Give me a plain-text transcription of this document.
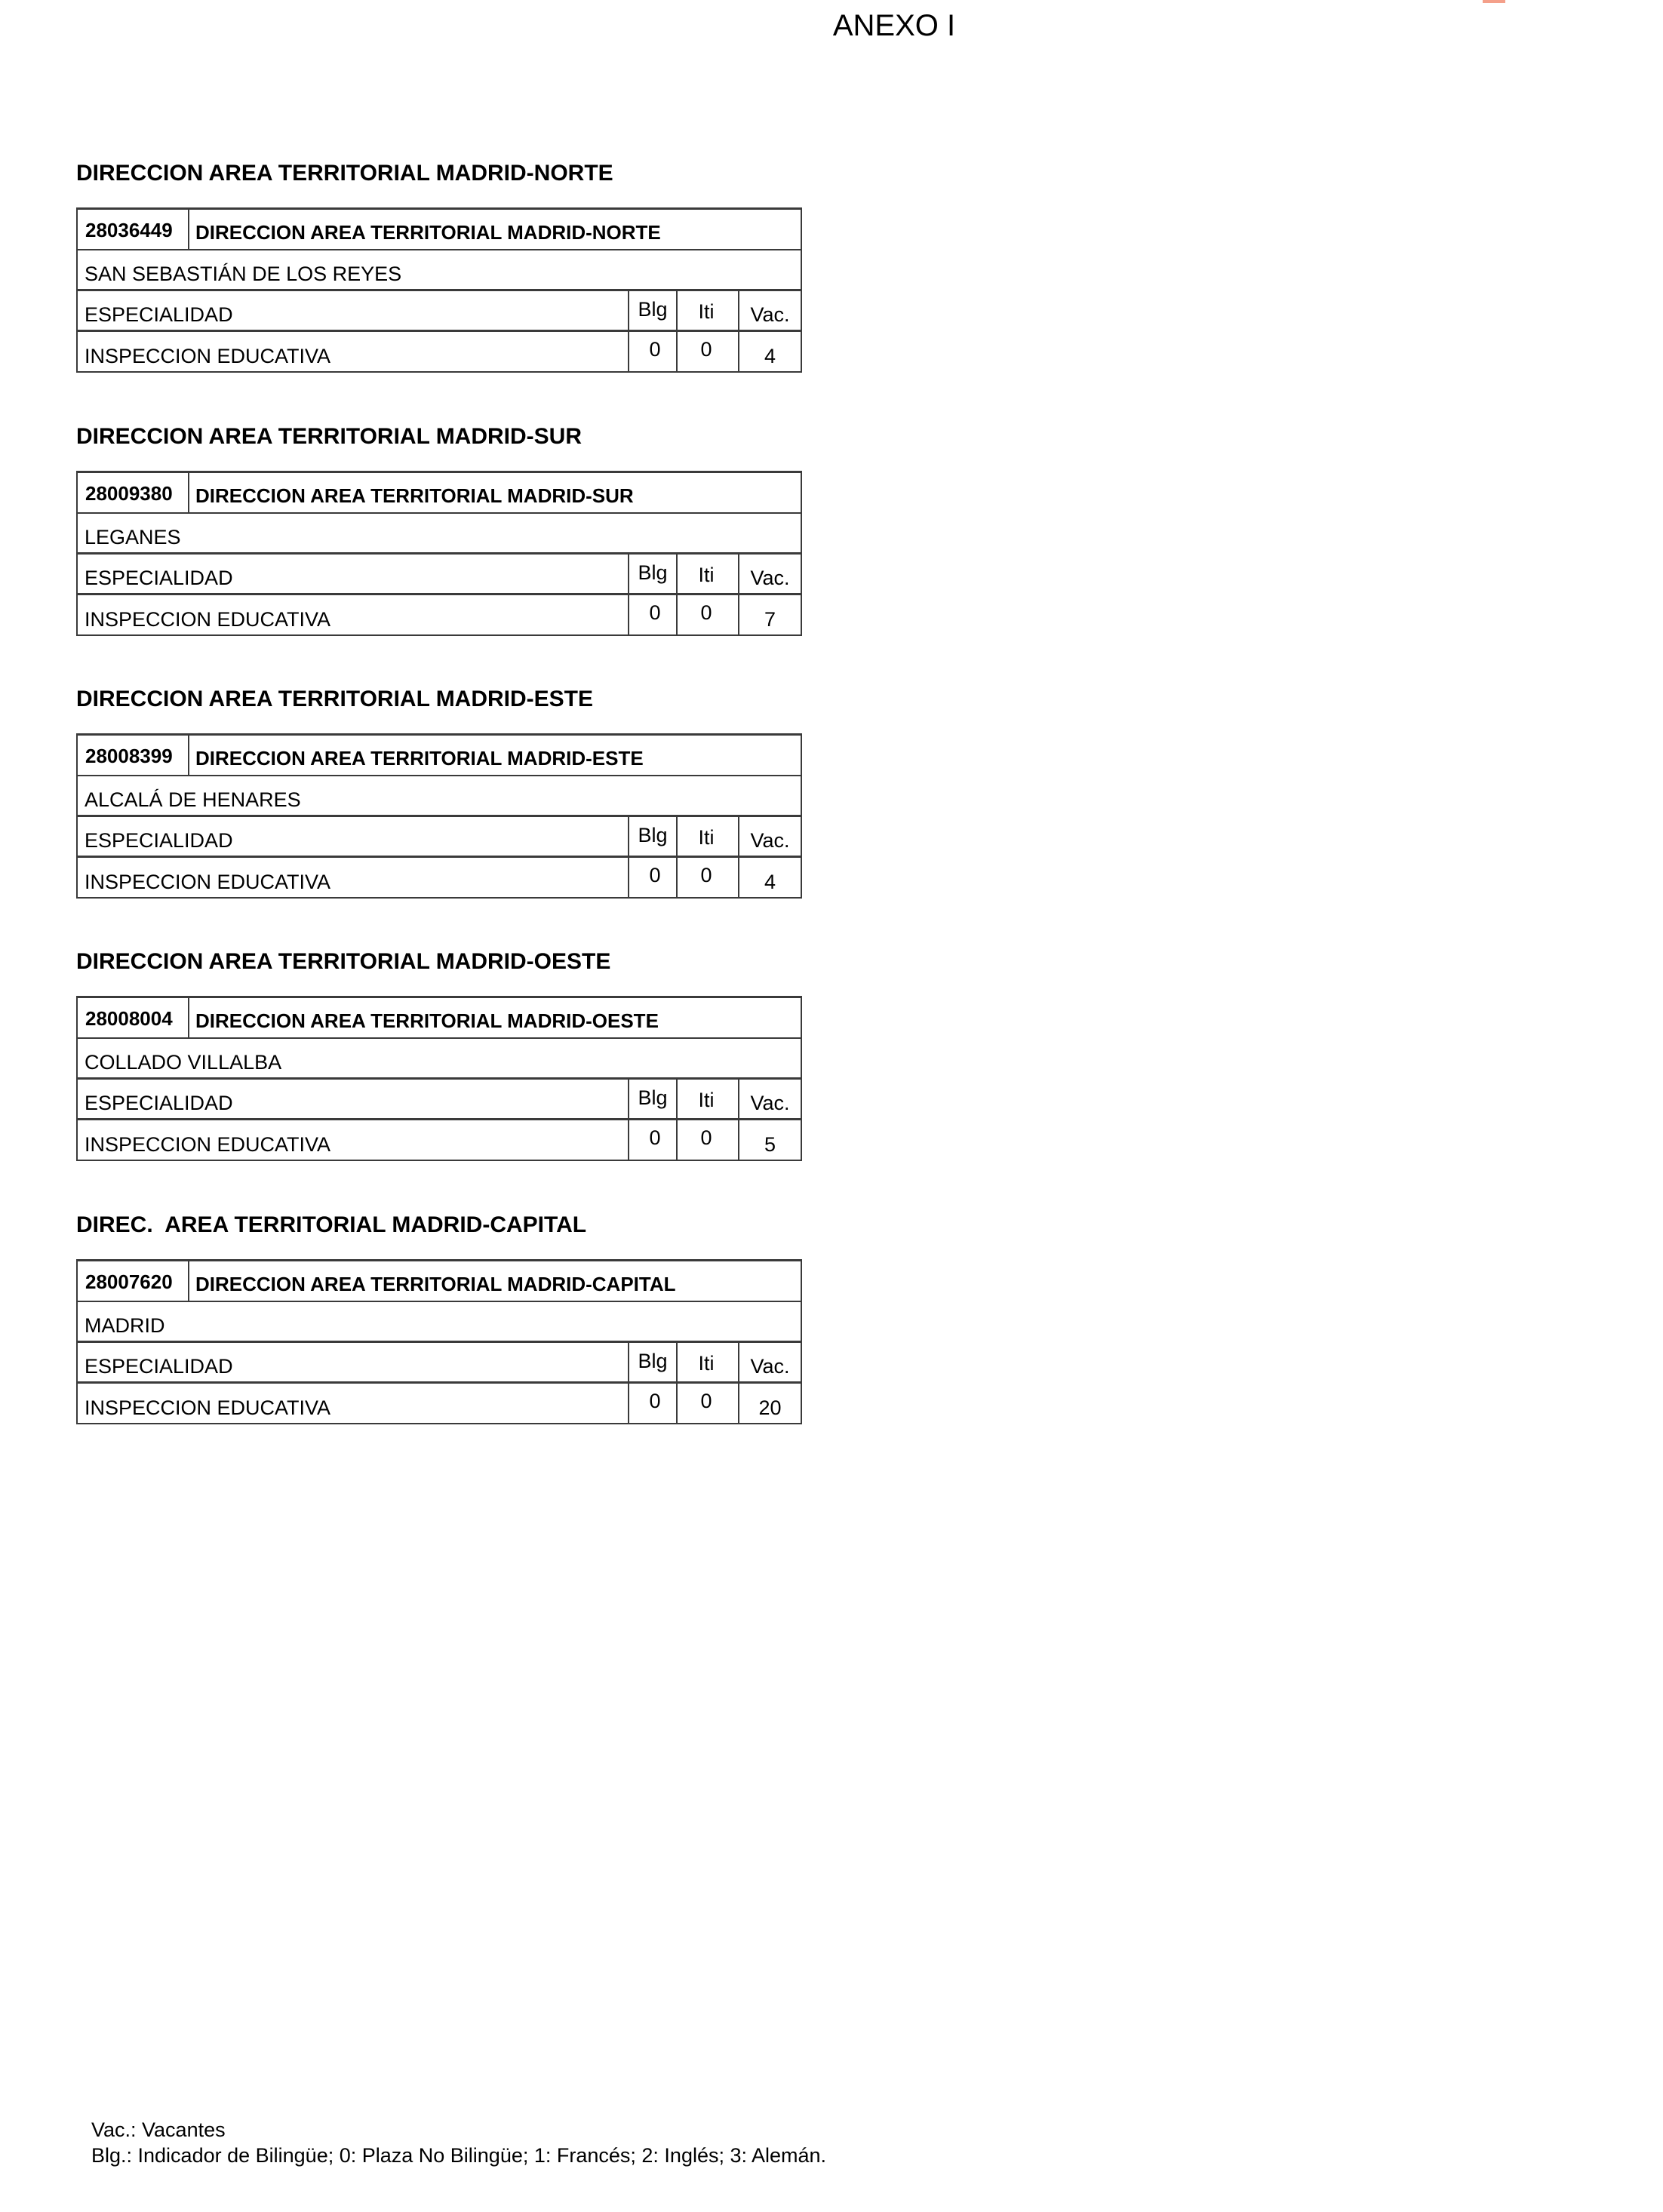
ANEXO I
DIRECCION AREA TERRITORIAL MADRID-NORTE
28036449	DIRECCION AREA TERRITORIAL MADRID-NORTE
SAN SEBASTIÁN DE LOS REYES
ESPECIALIDAD	Blg	Iti	Vac.
INSPECCION EDUCATIVA	0	0	4
DIRECCION AREA TERRITORIAL MADRID-SUR
28009380	DIRECCION AREA TERRITORIAL MADRID-SUR
LEGANES
ESPECIALIDAD	Blg	Iti	Vac.
INSPECCION EDUCATIVA	0	0	7
DIRECCION AREA TERRITORIAL MADRID-ESTE
28008399	DIRECCION AREA TERRITORIAL MADRID-ESTE
ALCALÁ DE HENARES
ESPECIALIDAD	Blg	Iti	Vac.
INSPECCION EDUCATIVA	0	0	4
DIRECCION AREA TERRITORIAL MADRID-OESTE
28008004	DIRECCION AREA TERRITORIAL MADRID-OESTE
COLLADO VILLALBA
ESPECIALIDAD	Blg	Iti	Vac.
INSPECCION EDUCATIVA	0	0	5
DIREC.  AREA TERRITORIAL MADRID-CAPITAL
28007620	DIRECCION AREA TERRITORIAL MADRID-CAPITAL
MADRID
ESPECIALIDAD	Blg	Iti	Vac.
INSPECCION EDUCATIVA	0	0	20
Vac.: Vacantes
Blg.: Indicador de Bilingüe; 0: Plaza No Bilingüe; 1: Francés; 2: Inglés; 3: Alemán.
